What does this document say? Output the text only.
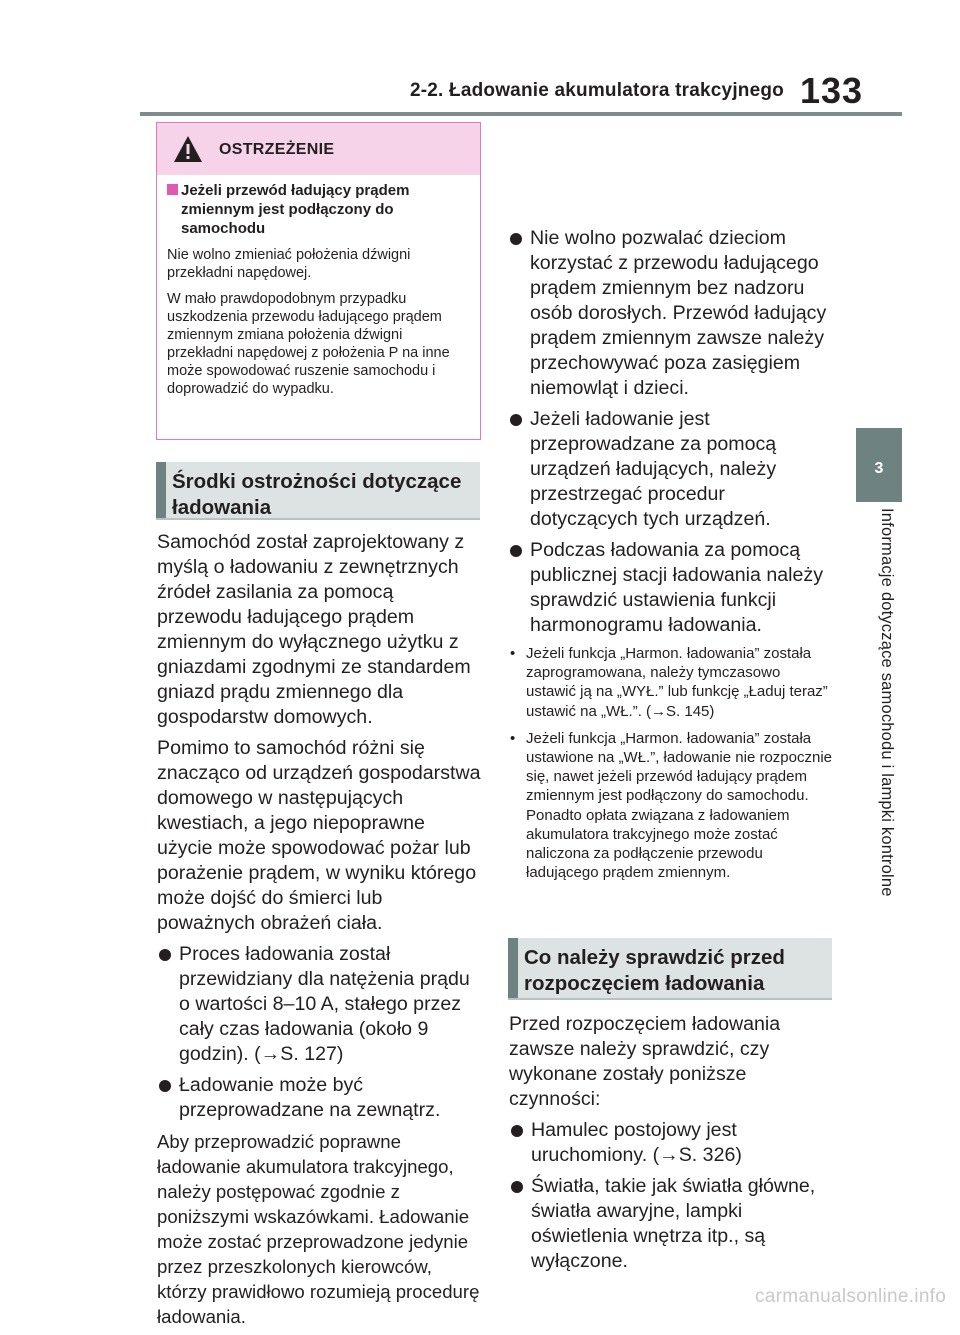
2-2. Ładowanie akumulatora trakcyjnego 133
3
Informacje dotyczące samochodu i lampki kontrolne
OSTRZEŻENIE
Jeżeli przewód ładujący prądem zmiennym jest podłączony do samochodu

Nie wolno zmieniać położenia dźwigni przekładni napędowej.

W mało prawdopodobnym przypadku uszkodzenia przewodu ładującego prądem zmiennym zmiana położenia dźwigni przekładni napędowej z położenia P na inne może spowodować ruszenie samochodu i doprowadzić do wypadku.

Środki ostrożności dotyczące ładowania

Samochód został zaprojektowany z myślą o ładowaniu z zewnętrznych źródeł zasilania za pomocą przewodu ładującego prądem zmiennym do wyłącznego użytku z gniazdami zgodnymi ze standardem gniazd prądu zmiennego dla gospodarstw domowych.

Pomimo to samochód różni się znacząco od urządzeń gospodarstwa domowego w następujących kwestiach, a jego niepoprawne użycie może spowodować pożar lub porażenie prądem, w wyniku którego może dojść do śmierci lub poważnych obrażeń ciała.

Proces ładowania został przewidziany dla natężenia prądu o wartości 8–10 A, stałego przez cały czas ładowania (około 9 godzin). (→S. 127)
Ładowanie może być przeprowadzane na zewnątrz.

Aby przeprowadzić poprawne ładowanie akumulatora trakcyjnego, należy postępować zgodnie z poniższymi wskazówkami. Ładowanie może zostać przeprowadzone jedynie przez przeszkolonych kierowców, którzy prawidłowo rozumieją procedurę ładowania.

Nie wolno pozwalać dzieciom korzystać z przewodu ładującego prądem zmiennym bez nadzoru osób dorosłych. Przewód ładujący prądem zmiennym zawsze należy przechowywać poza zasięgiem niemowląt i dzieci.
Jeżeli ładowanie jest przeprowadzane za pomocą urządzeń ładujących, należy przestrzegać procedur dotyczących tych urządzeń.
Podczas ładowania za pomocą publicznej stacji ładowania należy sprawdzić ustawienia funkcji harmonogramu ładowania.
• Jeżeli funkcja „Harmon. ładowania” została zaprogramowana, należy tymczasowo ustawić ją na „WYŁ.” lub funkcję „Ładuj teraz” ustawić na „WŁ.”. (→S. 145)
• Jeżeli funkcja „Harmon. ładowania” została ustawione na „WŁ.”, ładowanie nie rozpocznie się, nawet jeżeli przewód ładujący prądem zmiennym jest podłączony do samochodu. Ponadto opłata związana z ładowaniem akumulatora trakcyjnego może zostać naliczona za podłączenie przewodu ładującego prądem zmiennym.
Co należy sprawdzić przed rozpoczęciem ładowania

Przed rozpoczęciem ładowania zawsze należy sprawdzić, czy wykonane zostały poniższe czynności:

Hamulec postojowy jest uruchomiony. (→S. 326)
Światła, takie jak światła główne, światła awaryjne, lampki oświetlenia wnętrza itp., są wyłączone.
carmanualsonline.info
